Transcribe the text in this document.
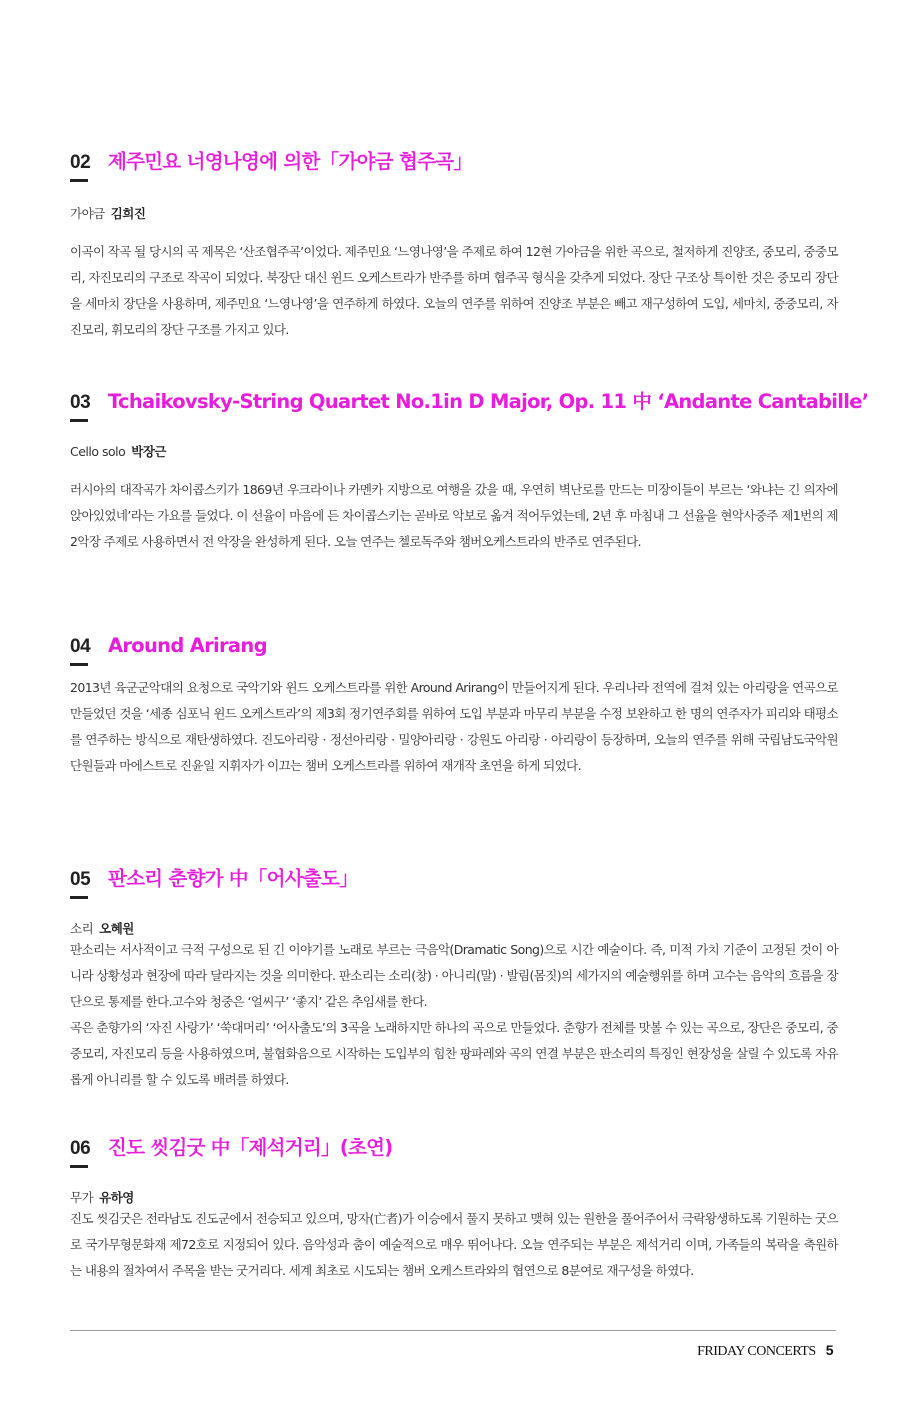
02 제주민요 너영나영에 의한「가야금 협주곡」
가야금 김희진

이곡이 작곡 될 당시의 곡 제목은 ‘산조협주곡’이었다. 제주민요 ‘느영나영’을 주제로 하여 12현 가야금을 위한 곡으로, 철저하게 진양조, 중모리, 중중모리, 자진모리의 구조로 작곡이 되었다. 북장단 대신 윈드 오케스트라가 반주를 하며 협주곡 형식을 갖추게 되었다. 장단 구조상 특이한 것은 중모리 장단을 세마치 장단을 사용하며, 제주민요 ‘느영나영’을 연주하게 하였다. 오늘의 연주를 위하여 진양조 부분은 빼고 재구성하여 도입, 세마치, 중중모리, 자진모리, 휘모리의 장단 구조를 가지고 있다.

03 Tchaikovsky-String Quartet No.1in D Major, Op. 11 中 ‘Andante Cantabille’
Cello solo 박장근

러시아의 대작곡가 차이콥스키가 1869년 우크라이나 카멘카 지방으로 여행을 갔을 때, 우연히 벽난로를 만드는 미장이들이 부르는 ‘와냐는 긴 의자에 앉아있었네’라는 가요를 들었다. 이 선율이 마음에 든 차이콥스키는 곧바로 악보로 옮겨 적어두었는데, 2년 후 마침내 그 선율을 현악사중주 제1번의 제2악장 주제로 사용하면서 전 악장을 완성하게 된다. 오늘 연주는 첼로독주와 챔버오케스트라의 반주로 연주된다.

04 Around Arirang

2013년 육군군악대의 요청으로 국악기와 윈드 오케스트라를 위한 Around Arirang이 만들어지게 된다. 우리나라 전역에 걸쳐 있는 아리랑을 연곡으로 만들었던 것을 ‘세종 심포닉 윈드 오케스트라’의 제3회 정기연주회를 위하여 도입 부분과 마무리 부분을 수정 보완하고 한 명의 연주자가 피리와 태평소를 연주하는 방식으로 재탄생하였다. 진도아리랑 · 정선아리랑 · 밀양아리랑 · 강원도 아리랑 · 아리랑이 등장하며, 오늘의 연주를 위해 국립남도국악원 단원들과 마에스트로 진윤일 지휘자가 이끄는 챔버 오케스트라를 위하여 재개작 초연을 하게 되었다.

05 판소리 춘향가 中「어사출도」
소리 오혜원

판소리는 서사적이고 극적 구성으로 된 긴 이야기를 노래로 부르는 극음악(Dramatic Song)으로 시간 예술이다. 즉, 미적 가치 기준이 고정된 것이 아니라 상황성과 현장에 따라 달라지는 것을 의미한다. 판소리는 소리(창) · 아니리(말) · 발림(몸짓)의 세가지의 예술행위를 하며 고수는 음악의 흐름을 장단으로 통제를 한다.고수와 청중은 ‘얼씨구’ ‘좋지’ 같은 추임새를 한다.

곡은 춘향가의 ‘자진 사랑가’ ‘쑥대머리’ ‘어사출도’의 3곡을 노래하지만 하나의 곡으로 만들었다. 춘향가 전체를 맛볼 수 있는 곡으로, 장단은 중모리, 중중모리, 자진모리 등을 사용하였으며, 불협화음으로 시작하는 도입부의 힘찬 팡파레와 곡의 연결 부분은 판소리의 특징인 현장성을 살릴 수 있도록 자유롭게 아니리를 할 수 있도록 배려를 하였다.

06 진도 씻김굿 中「제석거리」(초연)
무가 유하영

진도 씻김굿은 전라남도 진도군에서 전승되고 있으며, 망자(亡者)가 이승에서 풀지 못하고 맺혀 있는 원한을 풀어주어서 극락왕생하도록 기원하는 굿으로 국가무형문화재 제72호로 지정되어 있다. 음악성과 춤이 예술적으로 매우 뛰어나다. 오늘 연주되는 부분은 제석거리 이며, 가족들의 복락을 축원하는 내용의 절차여서 주목을 받는 굿거리다. 세계 최초로 시도되는 챔버 오케스트라와의 협연으로 8분여로 재구성을 하였다.

FRIDAY CONCERTS 5
